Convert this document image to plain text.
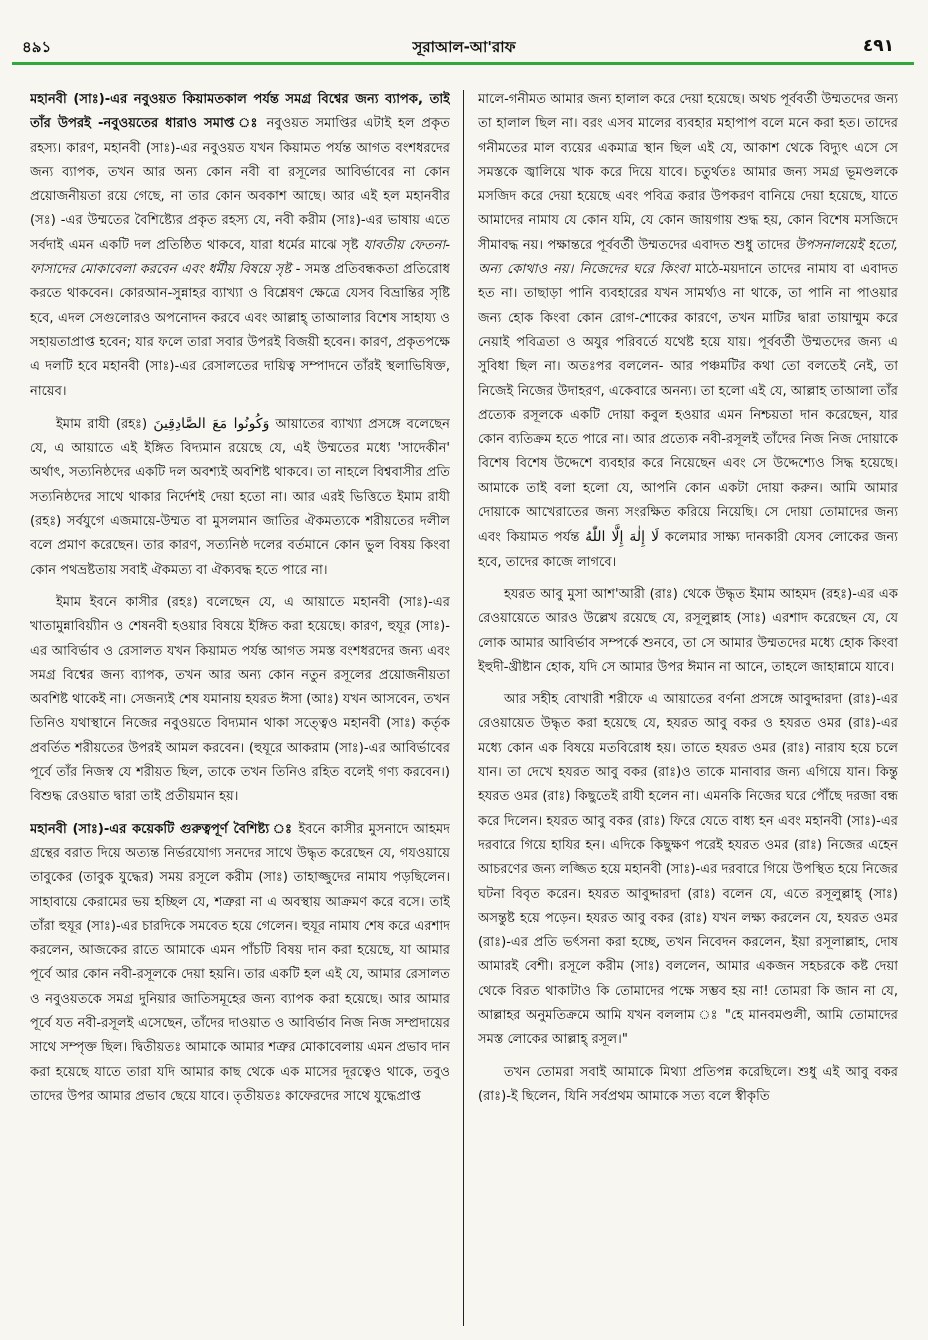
৪৯১	সূরাআল-আ'রাফ	٤٩١

মহানবী (সাঃ)-এর নবুওয়ত কিয়ামতকাল পর্যন্ত সমগ্র বিশ্বের জন্য ব্যাপক, তাই তাঁর উপরই -নবুওয়তের ধারাও সমাপ্ত ঃ নবুওয়ত সমাপ্তির এটাই হল প্রকৃত রহস্য। কারণ, মহানবী (সাঃ)-এর নবুওয়ত যখন কিয়ামত পর্যন্ত আগত বংশধরদের জন্য ব্যাপক, তখন আর অন্য কোন নবী বা রসূলের আবির্ভাবের না কোন প্রয়োজনীয়তা রয়ে গেছে, না তার কোন অবকাশ আছে। আর এই হল মহানবীর (সঃ) -এর উম্মতের বৈশিষ্ট্যের প্রকৃত রহস্য যে, নবী করীম (সাঃ)-এর ভাষায় এতে সর্বদাই এমন একটি দল প্রতিষ্ঠিত থাকবে, যারা ধর্মের মাঝে সৃষ্ট যাবতীয় ফেতনা-ফাসাদের মোকাবেলা করবেন এবং ধর্মীয় বিষয়ে সৃষ্ট - সমস্ত প্রতিবন্ধকতা প্রতিরোধ করতে থাকবেন। কোরআন-সুন্নাহর ব্যাখ্যা ও বিশ্লেষণ ক্ষেত্রে যেসব বিভ্রান্তির সৃষ্টি হবে, এদল সেগুলোরও অপনোদন করবে এবং আল্লাহ্ তাআলার বিশেষ সাহায্য ও সহায়তাপ্রাপ্ত হবেন; যার ফলে তারা সবার উপরই বিজয়ী হবেন। কারণ, প্রকৃতপক্ষে এ দলটি হবে মহানবী (সাঃ)-এর রেসালতের দায়িত্ব সম্পাদনে তাঁরই স্থলাভিষিক্ত, নায়েব।

ইমাম রাযী (রহঃ) وَكُونُوا مَعَ الصَّادِقِينَ আয়াতের ব্যাখ্যা প্রসঙ্গে বলেছেন যে, এ আয়াতে এই ইঙ্গিত বিদ্যমান রয়েছে যে, এই উম্মতের মধ্যে 'সাদেকীন' অর্থাৎ, সত্যনিষ্ঠদের একটি দল অবশ্যই অবশিষ্ট থাকবে। তা নাহলে বিশ্ববাসীর প্রতি সত্যনিষ্ঠদের সাথে থাকার নির্দেশই দেয়া হতো না। আর এরই ভিত্তিতে ইমাম রাযী (রহঃ) সর্বযুগে এজমায়ে-উম্মত বা মুসলমান জাতির ঐকমত্যকে শরীয়তের দলীল বলে প্রমাণ করেছেন। তার কারণ, সত্যনিষ্ঠ দলের বর্তমানে কোন ভুল বিষয় কিংবা কোন পথভ্রষ্টতায় সবাই ঐকমত্য বা ঐক্যবদ্ধ হতে পারে না।

ইমাম ইবনে কাসীর (রহঃ) বলেছেন যে, এ আয়াতে মহানবী (সাঃ)-এর খাতামুন্নাবিয়্যীন ও শেষনবী হওয়ার বিষয়ে ইঙ্গিত করা হয়েছে। কারণ, হুযূর (সাঃ)-এর আবির্ভাব ও রেসালত যখন কিয়ামত পর্যন্ত আগত সমস্ত বংশধরদের জন্য এবং সমগ্র বিশ্বের জন্য ব্যাপক, তখন আর অন্য কোন নতুন রসূলের প্রয়োজনীয়তা অবশিষ্ট থাকেই না। সেজন্যই শেষ যমানায় হযরত ঈসা (আঃ) যখন আসবেন, তখন তিনিও যথাস্থানে নিজের নবুওয়তে বিদ্যমান থাকা সত্ত্বেও মহানবী (সাঃ) কর্তৃক প্রবর্তিত শরীয়তের উপরই আমল করবেন। (হুযূরে আকরাম (সাঃ)-এর আবির্ভাবের পূর্বে তাঁর নিজস্ব যে শরীয়ত ছিল, তাকে তখন তিনিও রহিত বলেই গণ্য করবেন।) বিশুদ্ধ রেওয়াত দ্বারা তাই প্রতীয়মান হয়।

মহানবী (সাঃ)-এর কয়েকটি গুরুত্বপূর্ণ বৈশিষ্ট্য ঃ ইবনে কাসীর মুসনাদে আহমদ গ্রন্থের বরাত দিয়ে অত্যন্ত নির্ভরযোগ্য সনদের সাথে উদ্ধৃত করেছেন যে, গযওয়ায়ে তাবুকের (তাবুক যুদ্ধের) সময় রসূলে করীম (সাঃ) তাহাজ্জুদের নামায পড়ছিলেন। সাহাবায়ে কেরামের ভয় হচ্ছিল যে, শত্রুরা না এ অবস্থায় আক্রমণ করে বসে। তাই তাঁরা হুযূর (সাঃ)-এর চারদিকে সমবেত হয়ে গেলেন। হুযূর নামায শেষ করে এরশাদ করলেন, আজকের রাতে আমাকে এমন পাঁচটি বিষয় দান করা হয়েছে, যা আমার পূর্বে আর কোন নবী-রসূলকে দেয়া হয়নি। তার একটি হল এই যে, আমার রেসালত ও নবুওয়তকে সমগ্র দুনিয়ার জাতিসমূহের জন্য ব্যাপক করা হয়েছে। আর আমার পূর্বে যত নবী-রসূলই এসেছেন, তাঁদের দাওয়াত ও আবির্ভাব নিজ নিজ সম্প্রদায়ের সাথে সম্পৃক্ত ছিল। দ্বিতীয়তঃ আমাকে আমার শত্রুর মোকাবেলায় এমন প্রভাব দান করা হয়েছে যাতে তারা যদি আমার কাছ থেকে এক মাসের দূরত্বেও থাকে, তবুও তাদের উপর আমার প্রভাব ছেয়ে যাবে। তৃতীয়তঃ কাফেরদের সাথে যুদ্ধেপ্রাপ্ত

মালে-গনীমত আমার জন্য হালাল করে দেয়া হয়েছে। অথচ পূর্ববর্তী উম্মতদের জন্য তা হালাল ছিল না। বরং এসব মালের ব্যবহার মহাপাপ বলে মনে করা হত। তাদের গনীমতের মাল ব্যয়ের একমাত্র স্থান ছিল এই যে, আকাশ থেকে বিদ্যুৎ এসে সে সমস্তকে জ্বালিয়ে খাক করে দিয়ে যাবে। চতুর্থতঃ আমার জন্য সমগ্র ভূমণ্ডলকে মসজিদ করে দেয়া হয়েছে এবং পবিত্র করার উপকরণ বানিয়ে দেয়া হয়েছে, যাতে আমাদের নামায যে কোন যমি, যে কোন জায়গায় শুদ্ধ হয়, কোন বিশেষ মসজিদে সীমাবদ্ধ নয়। পক্ষান্তরে পূর্ববর্তী উম্মতদের এবাদত শুধু তাদের উপসনালয়েই হতো, অন্য কোথাও নয়। নিজেদের ঘরে কিংবা মাঠে-ময়দানে তাদের নামায বা এবাদত হত না। তাছাড়া পানি ব্যবহারের যখন সামর্থ্যও না থাকে, তা পানি না পাওয়ার জন্য হোক কিংবা কোন রোগ-শোকের কারণে, তখন মাটির দ্বারা তায়াম্মুম করে নেয়াই পবিত্রতা ও অযুর পরিবর্তে যথেষ্ট হয়ে যায়। পূর্ববর্তী উম্মতদের জন্য এ সুবিধা ছিল না। অতঃপর বললেন- আর পঞ্চমটির কথা তো বলতেই নেই, তা নিজেই নিজের উদাহরণ, একেবারে অনন্য। তা হলো এই যে, আল্লাহ তাআলা তাঁর প্রত্যেক রসূলকে একটি দোয়া কবুল হওয়ার এমন নিশ্চয়তা দান করেছেন, যার কোন ব্যতিক্রম হতে পারে না। আর প্রত্যেক নবী-রসূলই তাঁদের নিজ নিজ দোয়াকে বিশেষ বিশেষ উদ্দেশে ব্যবহার করে নিয়েছেন এবং সে উদ্দেশ্যেও সিদ্ধ হয়েছে। আমাকে তাই বলা হলো যে, আপনি কোন একটা দোয়া করুন। আমি আমার দোয়াকে আখেরাতের জন্য সংরক্ষিত করিয়ে নিয়েছি। সে দোয়া তোমাদের জন্য এবং কিয়ামত পর্যন্ত لَا إِلٰهَ إِلَّا اللّٰهُ কলেমার সাক্ষ্য দানকারী যেসব লোকের জন্য হবে, তাদের কাজে লাগবে।

হযরত আবু মুসা আশ'আরী (রাঃ) থেকে উদ্ধৃত ইমাম আহমদ (রহঃ)-এর এক রেওয়ায়েতে আরও উল্লেখ রয়েছে যে, রসূলুল্লাহ (সাঃ) এরশাদ করেছেন যে, যে লোক আমার আবির্ভাব সম্পর্কে শুনবে, তা সে আমার উম্মতদের মধ্যে হোক কিংবা ইহুদী-খ্রীষ্টান হোক, যদি সে আমার উপর ঈমান না আনে, তাহলে জাহান্নামে যাবে।

আর সহীহ বোখারী শরীফে এ আয়াতের বর্ণনা প্রসঙ্গে আবুদ্দারদা (রাঃ)-এর রেওয়ায়েত উদ্ধৃত করা হয়েছে যে, হযরত আবু বকর ও হযরত ওমর (রাঃ)-এর মধ্যে কোন এক বিষয়ে মতবিরোধ হয়। তাতে হযরত ওমর (রাঃ) নারায হয়ে চলে যান। তা দেখে হযরত আবু বকর (রাঃ)ও তাকে মানাবার জন্য এগিয়ে যান। কিন্তু হযরত ওমর (রাঃ) কিছুতেই রাযী হলেন না। এমনকি নিজের ঘরে পৌঁছে দরজা বন্ধ করে দিলেন। হযরত আবু বকর (রাঃ) ফিরে যেতে বাধ্য হন এবং মহানবী (সাঃ)-এর দরবারে গিয়ে হাযির হন। এদিকে কিছুক্ষণ পরেই হযরত ওমর (রাঃ) নিজের এহেন আচরণের জন্য লজ্জিত হয়ে মহানবী (সাঃ)-এর দরবারে গিয়ে উপস্থিত হয়ে নিজের ঘটনা বিবৃত করেন। হযরত আবুদ্দারদা (রাঃ) বলেন যে, এতে রসূলুল্লাহ্ (সাঃ) অসন্তুষ্ট হয়ে পড়েন। হযরত আবু বকর (রাঃ) যখন লক্ষ্য করলেন যে, হযরত ওমর (রাঃ)-এর প্রতি ভর্ৎসনা করা হচ্ছে, তখন নিবেদন করলেন, ইয়া রসূলাল্লাহ, দোষ আমারই বেশী। রসূলে করীম (সাঃ) বললেন, আমার একজন সহচরকে কষ্ট দেয়া থেকে বিরত থাকাটাও কি তোমাদের পক্ষে সম্ভব হয় না! তোমরা কি জান না যে, আল্লাহর অনুমতিক্রমে আমি যখন বললাম ঃ "হে মানবমণ্ডলী, আমি তোমাদের সমস্ত লোকের আল্লাহ্ রসূল।"

তখন তোমরা সবাই আমাকে মিথ্যা প্রতিপন্ন করেছিলে। শুধু এই আবু বকর (রাঃ)-ই ছিলেন, যিনি সর্বপ্রথম আমাকে সত্য বলে স্বীকৃতি
